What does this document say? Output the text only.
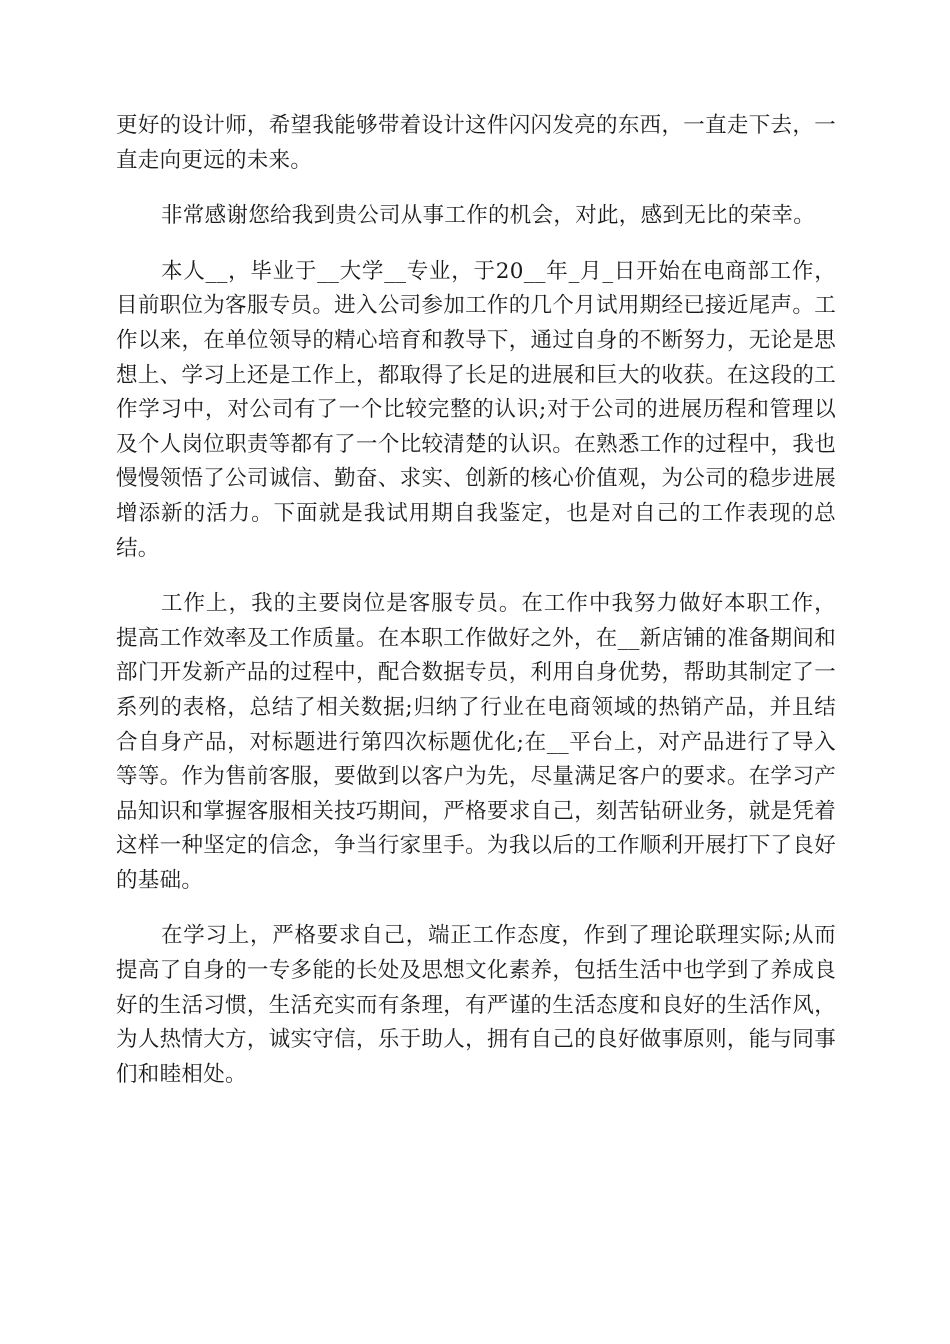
更好的设计师，希望我能够带着设计这件闪闪发亮的东西，一直走下去，一直走向更远的未来。

非常感谢您给我到贵公司从事工作的机会，对此，感到无比的荣幸。

本人__，毕业于__大学__专业，于20__年_月_日开始在电商部工作，目前职位为客服专员。进入公司参加工作的几个月试用期经已接近尾声。工作以来，在单位领导的精心培育和教导下，通过自身的不断努力，无论是思想上、学习上还是工作上，都取得了长足的进展和巨大的收获。在这段的工作学习中，对公司有了一个比较完整的认识;对于公司的进展历程和管理以及个人岗位职责等都有了一个比较清楚的认识。在熟悉工作的过程中，我也慢慢领悟了公司诚信、勤奋、求实、创新的核心价值观，为公司的稳步进展增添新的活力。下面就是我试用期自我鉴定，也是对自己的工作表现的总结。

工作上，我的主要岗位是客服专员。在工作中我努力做好本职工作，提高工作效率及工作质量。在本职工作做好之外，在__新店铺的准备期间和部门开发新产品的过程中，配合数据专员，利用自身优势，帮助其制定了一系列的表格，总结了相关数据;归纳了行业在电商领域的热销产品，并且结合自身产品，对标题进行第四次标题优化;在__平台上，对产品进行了导入等等。作为售前客服，要做到以客户为先，尽量满足客户的要求。在学习产品知识和掌握客服相关技巧期间，严格要求自己，刻苦钻研业务，就是凭着这样一种坚定的信念，争当行家里手。为我以后的工作顺利开展打下了良好的基础。

在学习上，严格要求自己，端正工作态度，作到了理论联理实际;从而提高了自身的一专多能的长处及思想文化素养，包括生活中也学到了养成良好的生活习惯，生活充实而有条理，有严谨的生活态度和良好的生活作风，为人热情大方，诚实守信，乐于助人，拥有自己的良好做事原则，能与同事们和睦相处。
